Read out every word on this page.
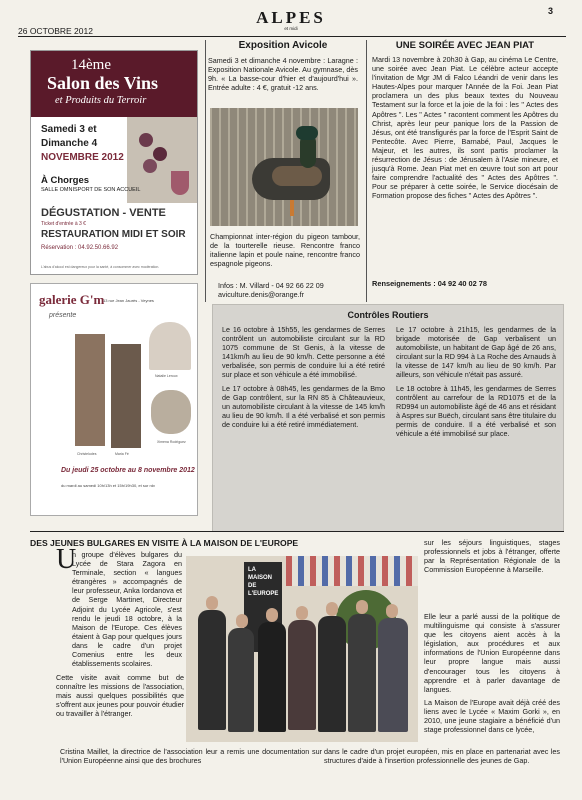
26 OCTOBRE 2012
ALPES
et midi
3
14ème
Salon des Vins
et Produits du Terroir
Samedi 3 et
Dimanche 4
NOVEMBRE 2012
À Chorges
SALLE OMNISPORT DE SON ACCUEIL
DÉGUSTATION - VENTE
Ticket d'entrée à 3 €
RESTAURATION MIDI ET SOIR
Réservation : 04.92.50.66.92
L'abus d'alcool est dangereux pour la santé, à consommer avec modération.
galerie G'm
13 rue Jean Jaurès - Veynes
présente
Christelodes	Maria Fé
Natalie Leroux
Ximena Rodriguez
Du jeudi 25 octobre au 8 novembre 2012
du mardi au samedi 10h/13h et 15h/19h30, et sur rdv
Exposition Avicole
Samedi 3 et dimanche 4 novembre : Laragne : Exposition Nationale Avicole. Au gymnase, dès 9h. « La basse-cour d'hier et d'aujourd'hui ». Entrée adulte : 4 €, gratuit -12 ans.
Championnat inter-région du pigeon tambour, de la tourterelle rieuse. Rencontre franco italienne lapin et poule naine, rencontre franco espagnole pigeons.
Infos : M. Villard - 04 92 66 22 09
aviculture.denis@orange.fr
UNE SOIRÉE AVEC JEAN PIAT
Mardi 13 novembre à 20h30 à Gap, au cinéma Le Centre, une soirée avec Jean Piat. Le célèbre acteur accepte l'invitation de Mgr JM di Falco Léandri de venir dans les Hautes-Alpes pour marquer l'Année de la Foi. Jean Piat proclamera un des plus beaux textes du Nouveau Testament sur la force et la joie de la foi : les " Actes des Apôtres ". Les " Actes " racontent comment les Apôtres du Christ, après leur peur panique lors de la Passion de Jésus, ont été transfigurés par la force de l'Esprit Saint de Pentecôte. Avec Pierre, Barnabé, Paul, Jacques le Majeur, et les autres, ils sont partis proclamer la résurrection de Jésus : de Jérusalem à l'Asie mineure, et jusqu'à Rome. Jean Piat met en œuvre tout son art pour faire comprendre l'actualité des " Actes des Apôtres ". Pour se préparer à cette soirée, le Service diocésain de Formation propose des fiches " Actes des Apôtres ".
Renseignements : 04 92 40 02 78
Contrôles Routiers

Le 16 octobre à 15h55, les gendarmes de Serres contrôlent un automobiliste circulant sur la RD 1075 commune de St Genis, à la vitesse de 141km/h au lieu de 90 km/h. Cette personne a été verbalisée, son permis de conduire lui a été retiré sur place et son véhicule a été immobilisé.

Le 17 octobre à 08h45, les gendarmes de la Bmo de Gap contrôlent, sur la RN 85 à Châteauvieux, un automobiliste circulant à la vitesse de 145 km/h au lieu de 90 km/h. Il a été verbalisé et son permis de conduire lui a été retiré immédiatement.

Le 17 octobre à 21h15, les gendarmes de la brigade motorisée de Gap verbalisent un automobiliste, un habitant de Gap âgé de 26 ans, circulant sur la RD 994 à La Roche des Arnauds à la vitesse de 147 km/h au lieu de 90 km/h. Par ailleurs, son véhicule n'était pas assuré.

Le 18 octobre à 11h45, les gendarmes de Serres contrôlent au carrefour de la RD1075 et de la RD994 un automobiliste âgé de 46 ans et résidant à Aspres sur Buëch, circulant sans être titulaire du permis de conduire. Il a été verbalisé et son véhicule a été immobilisé sur place.

DES JEUNES BULGARES EN VISITE À LA MAISON DE L'EUROPE
U
n groupe d'élèves bulgares du Lycée de Stara Zagora en Terminale, section « langues étrangères » accompagnés de leur professeur, Anka Iordanova et de Serge Martinet, Directeur Adjoint du Lycée Agricole, s'est rendu le jeudi 18 octobre, à la Maison de l'Europe. Ces élèves étaient à Gap pour quelques jours dans le cadre d'un projet Comenius entre les deux établissements scolaires.
Cette visite avait comme but de connaître les missions de l'association, mais aussi quelques possibilités que s'offrent aux jeunes pour pouvoir étudier ou travailler à l'étranger.
Cristina Maillet, la directrice de l'association leur a remis une documentation sur l'Union Européenne ainsi que des brochures
LA MAISON DE L'EUROPE
sur les séjours linguistiques, stages professionnels et jobs à l'étranger, offerte par la Représentation Régionale de la Commission Européenne à Marseille.

Elle leur a parlé aussi de la politique de multilinguisme qui consiste à s'assurer que les citoyens aient accès à la législation, aux procédures et aux informations de l'Union Européenne dans leur propre langue mais aussi d'encourager tous les citoyens à apprendre et à parler davantage de langues.

La Maison de l'Europe avait déjà créé des liens avec le Lycée « Maxim Gorki », en 2010, une jeune stagiaire a bénéficié d'un stage professionnel dans ce lycée,

dans le cadre d'un projet européen, mis en place en partenariat avec les structures d'aide à l'insertion professionnelle des jeunes de Gap.
